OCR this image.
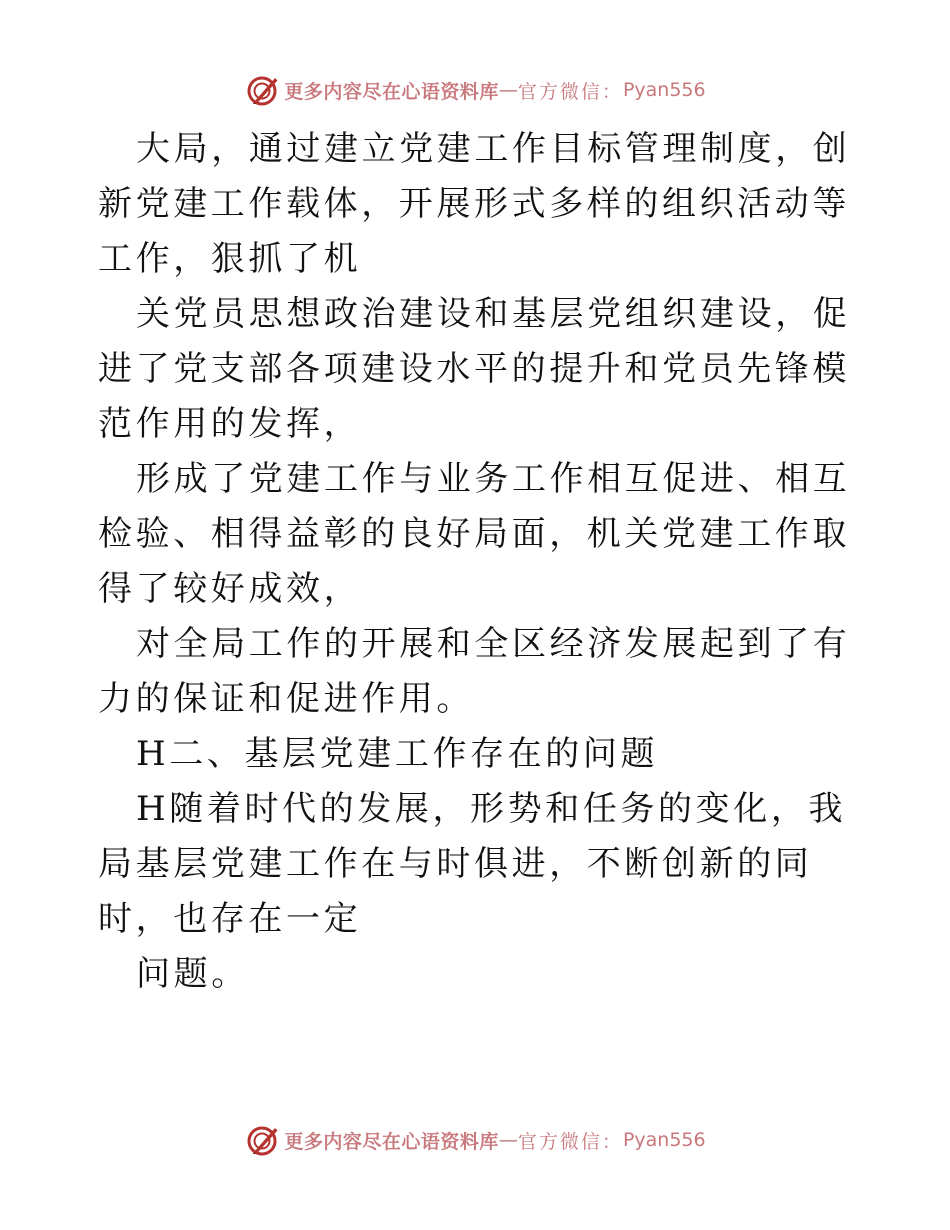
更多内容尽在心语资料库 — 官方微信： Pyan556

大局，通过建立党建工作目标管理制度，创新党建工作载体，开展形式多样的组织活动等工作，狠抓了机

关党员思想政治建设和基层党组织建设，促进了党支部各项建设水平的提升和党员先锋模范作用的发挥，

形成了党建工作与业务工作相互促进、相互检验、相得益彰的良好局面，机关党建工作取得了较好成效，

对全局工作的开展和全区经济发展起到了有力的保证和促进作用。

H二、基层党建工作存在的问题

H随着时代的发展，形势和任务的变化，我局基层党建工作在与时俱进，不断创新的同时，也存在一定

问题。

更多内容尽在心语资料库 — 官方微信： Pyan556
